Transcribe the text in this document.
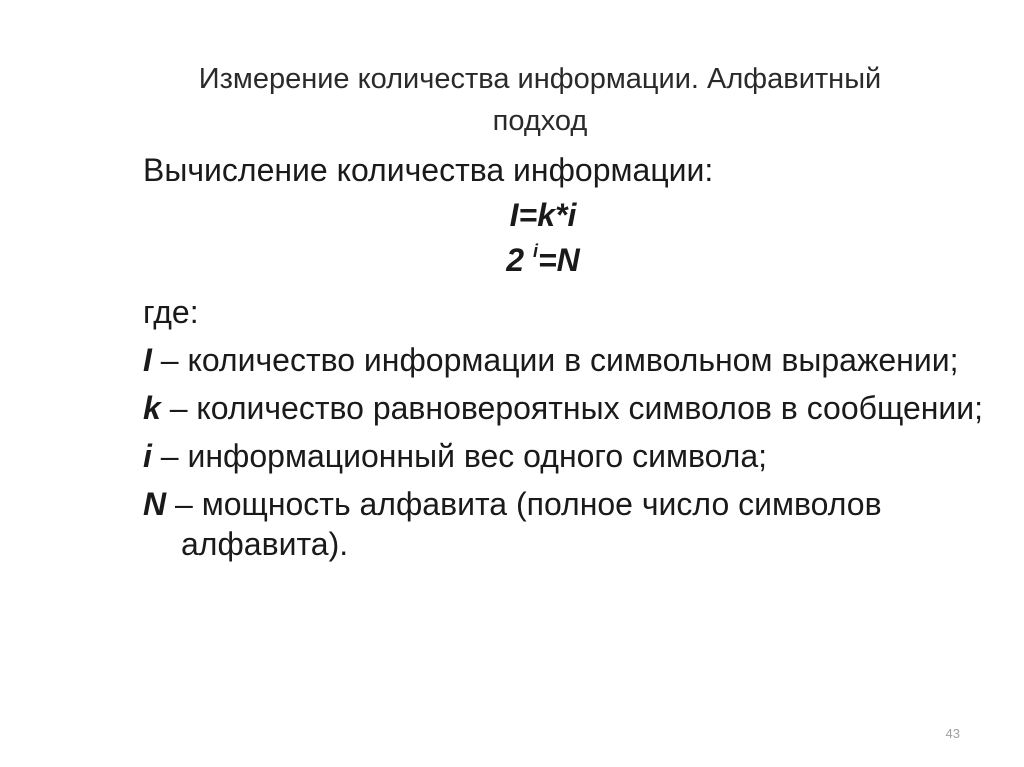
Измерение количества информации. Алфавитный
подход

Вычисление количества информации:

I=k*i

2 $^i$=N

где:

I – количество информации в символьном выражении;

k – количество равновероятных символов в сообщении;

i – информационный вес одного символа;

N – мощность алфавита (полное число символов алфавита).

43
